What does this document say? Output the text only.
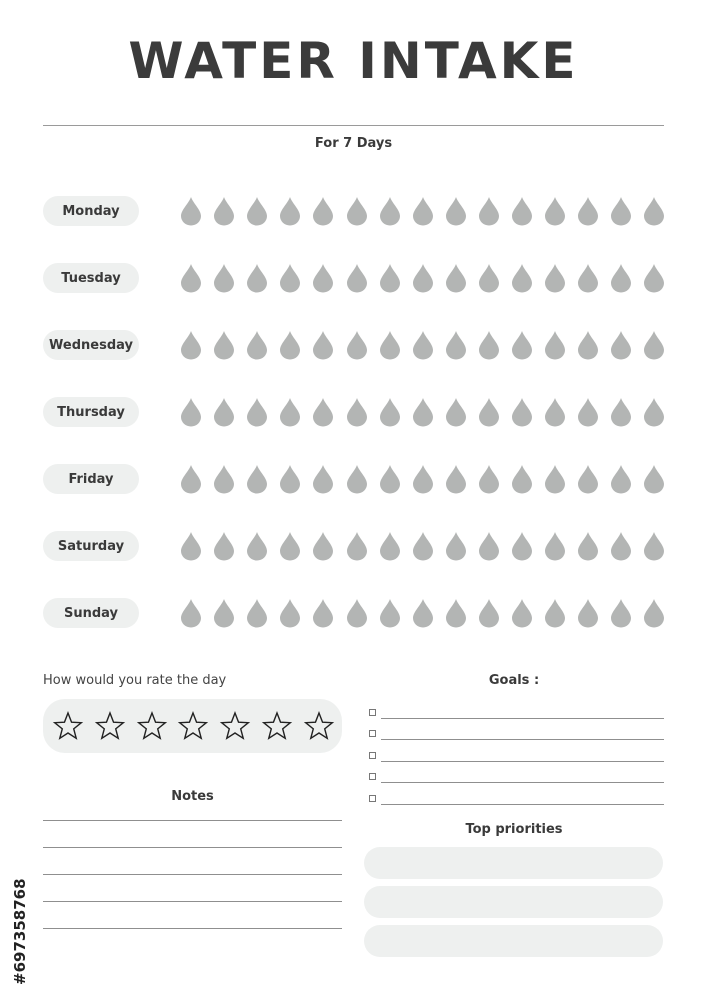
WATER INTAKE
For 7 Days
Monday
Tuesday
Wednesday
Thursday
Friday
Saturday
Sunday
How would you rate the day
Notes
Goals :
Top priorities
#697358768
